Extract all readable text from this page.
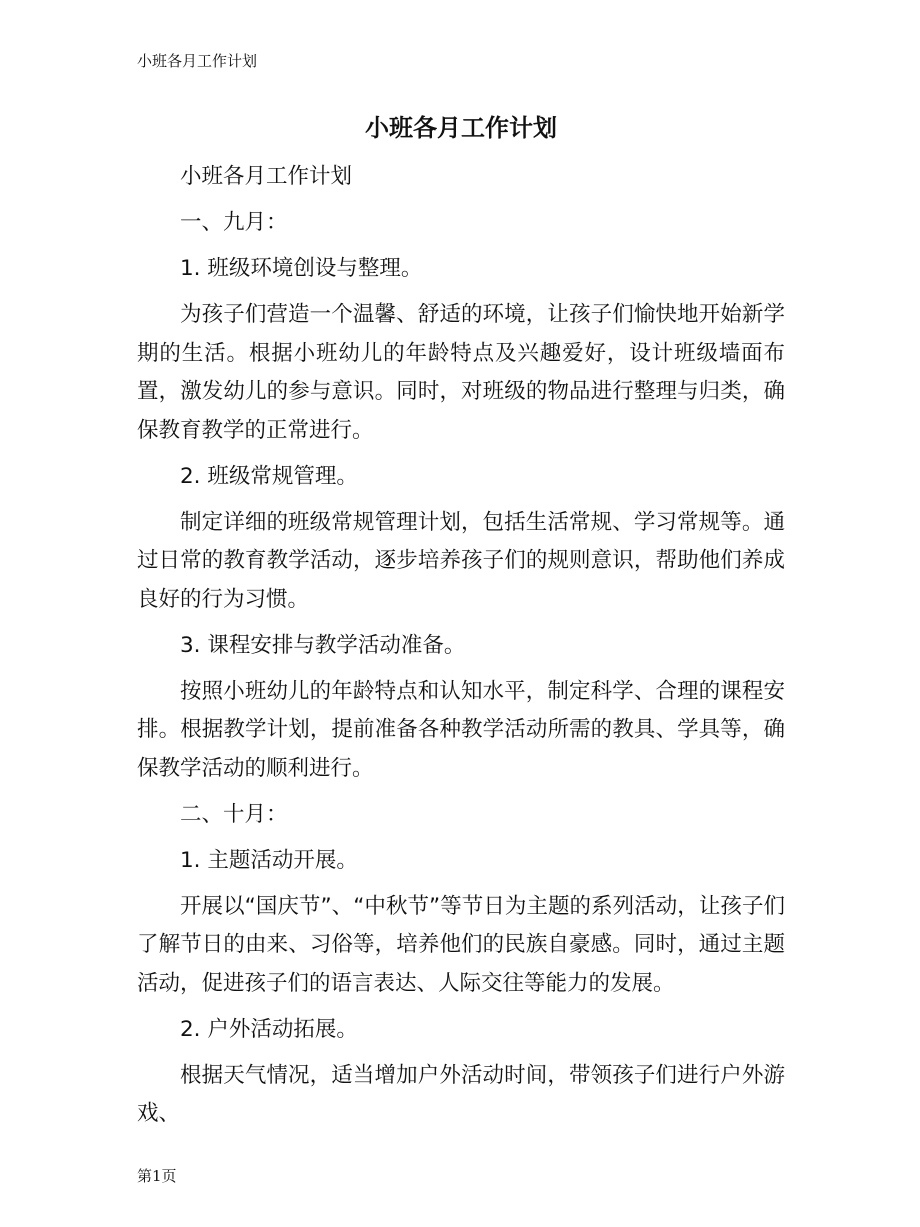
小班各月工作计划
小班各月工作计划

小班各月工作计划

一、九月：

1. 班级环境创设与整理。

为孩子们营造一个温馨、舒适的环境，让孩子们愉快地开始新学期的生活。根据小班幼儿的年龄特点及兴趣爱好，设计班级墙面布置，激发幼儿的参与意识。同时，对班级的物品进行整理与归类，确保教育教学的正常进行。

2. 班级常规管理。

制定详细的班级常规管理计划，包括生活常规、学习常规等。通过日常的教育教学活动，逐步培养孩子们的规则意识，帮助他们养成良好的行为习惯。

3. 课程安排与教学活动准备。

按照小班幼儿的年龄特点和认知水平，制定科学、合理的课程安排。根据教学计划，提前准备各种教学活动所需的教具、学具等，确保教学活动的顺利进行。

二、十月：

1. 主题活动开展。

开展以“国庆节”、“中秋节”等节日为主题的系列活动，让孩子们了解节日的由来、习俗等，培养他们的民族自豪感。同时，通过主题活动，促进孩子们的语言表达、人际交往等能力的发展。

2. 户外活动拓展。

根据天气情况，适当增加户外活动时间，带领孩子们进行户外游戏、

第1页
